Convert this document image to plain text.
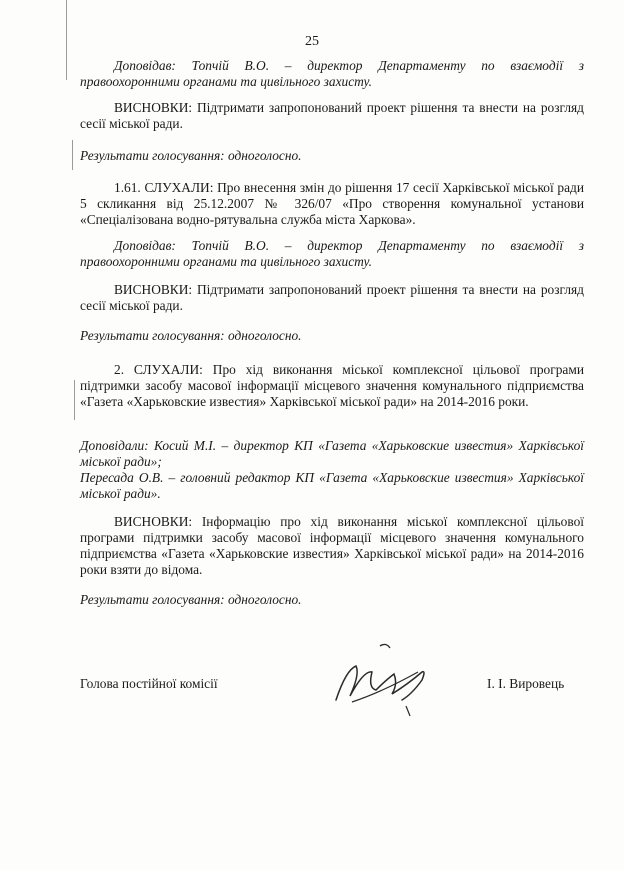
25

Доповідав: Топчій В.О. – директор Департаменту по взаємодії з правоохоронними органами та цивільного захисту.

ВИСНОВКИ: Підтримати запропонований проект рішення та внести на розгляд сесії міської ради.

Результати голосування: одноголосно.

1.61. СЛУХАЛИ: Про внесення змін до рішення 17 сесії Харківської міської ради 5 скликання від 25.12.2007 № 326/07 «Про створення комунальної установи «Спеціалізована водно-рятувальна служба міста Харкова».

Доповідав: Топчій В.О. – директор Департаменту по взаємодії з правоохоронними органами та цивільного захисту.

ВИСНОВКИ: Підтримати запропонований проект рішення та внести на розгляд сесії міської ради.

Результати голосування: одноголосно.

2. СЛУХАЛИ: Про хід виконання міської комплексної цільової програми підтримки засобу масової інформації місцевого значення комунального підприємства «Газета «Харьковские известия» Харківської міської ради» на 2014-2016 роки.

Доповідали: Косий М.І. – директор КП «Газета «Харьковские известия» Харківської міської ради»;

Пересада О.В. – головний редактор КП «Газета «Харьковские известия» Харківської міської ради».

ВИСНОВКИ: Інформацію про хід виконання міської комплексної цільової програми підтримки засобу масової інформації місцевого значення комунального підприємства «Газета «Харьковские известия» Харківської міської ради» на 2014-2016 роки взяти до відома.

Результати голосування: одноголосно.

Голова постійної комісії	І. І. Вировець
